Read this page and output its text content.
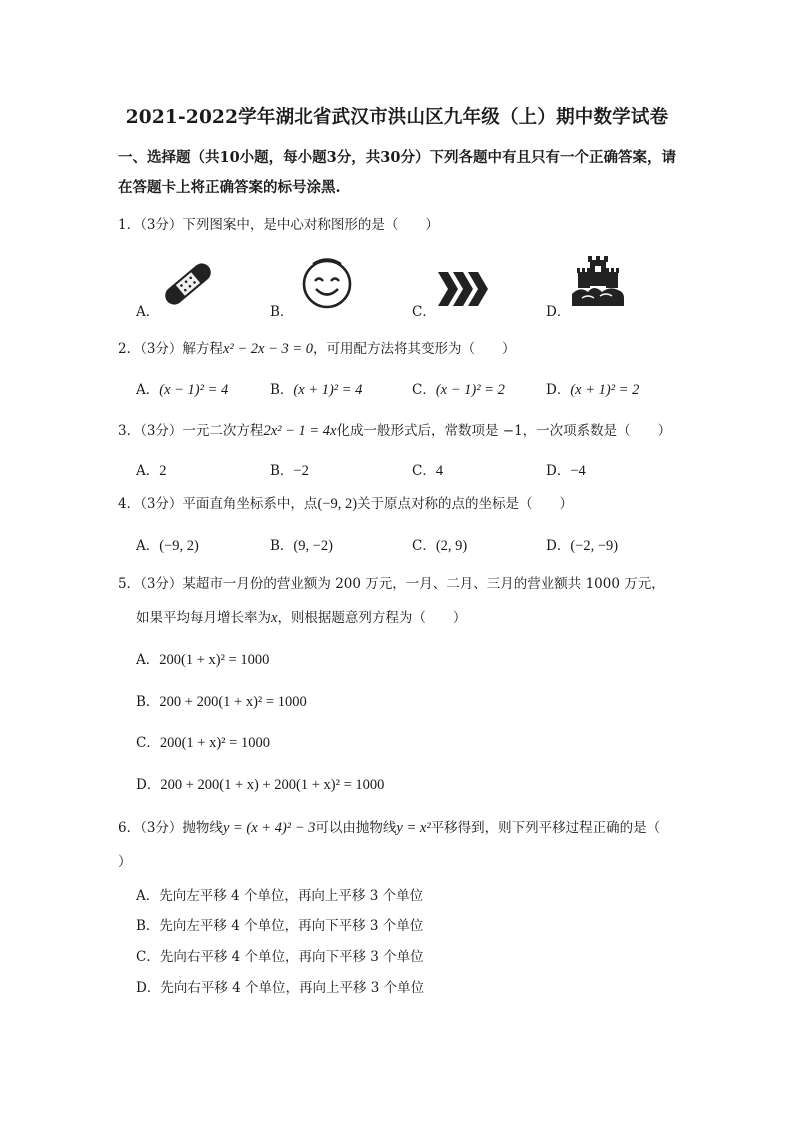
2021-2022学年湖北省武汉市洪山区九年级（上）期中数学试卷
一、选择题（共10小题，每小题3分，共30分）下列各题中有且只有一个正确答案，请
在答题卡上将正确答案的标号涂黑.
1．（3分）下列图案中，是中心对称图形的是（　　）
A．	B．	C．	D．
2．（3分）解方程x² − 2x − 3 = 0，可用配方法将其变形为（　　）
A．(x − 1)² = 4	B．(x + 1)² = 4	C．(x − 1)² = 2	D．(x + 1)² = 2
3．（3分）一元二次方程2x² − 1 = 4x化成一般形式后，常数项是 −1，一次项系数是（　　）
A．2	B．−2	C．4	D．−4
4．（3分）平面直角坐标系中，点(−9, 2)关于原点对称的点的坐标是（　　）
A．(−9, 2)	B．(9, −2)	C．(2, 9)	D．(−2, −9)
5．（3分）某超市一月份的营业额为 200 万元，一月、二月、三月的营业额共 1000 万元，
如果平均每月增长率为x，则根据题意列方程为（　　）
A．200(1 + x)² = 1000
B．200 + 200(1 + x)² = 1000
C．200(1 + x)² = 1000
D．200 + 200(1 + x) + 200(1 + x)² = 1000
6．（3分）抛物线y = (x + 4)² − 3可以由抛物线y = x²平移得到，则下列平移过程正确的是（
）
A．先向左平移 4 个单位，再向上平移 3 个单位
B．先向左平移 4 个单位，再向下平移 3 个单位
C．先向右平移 4 个单位，再向下平移 3 个单位
D．先向右平移 4 个单位，再向上平移 3 个单位
